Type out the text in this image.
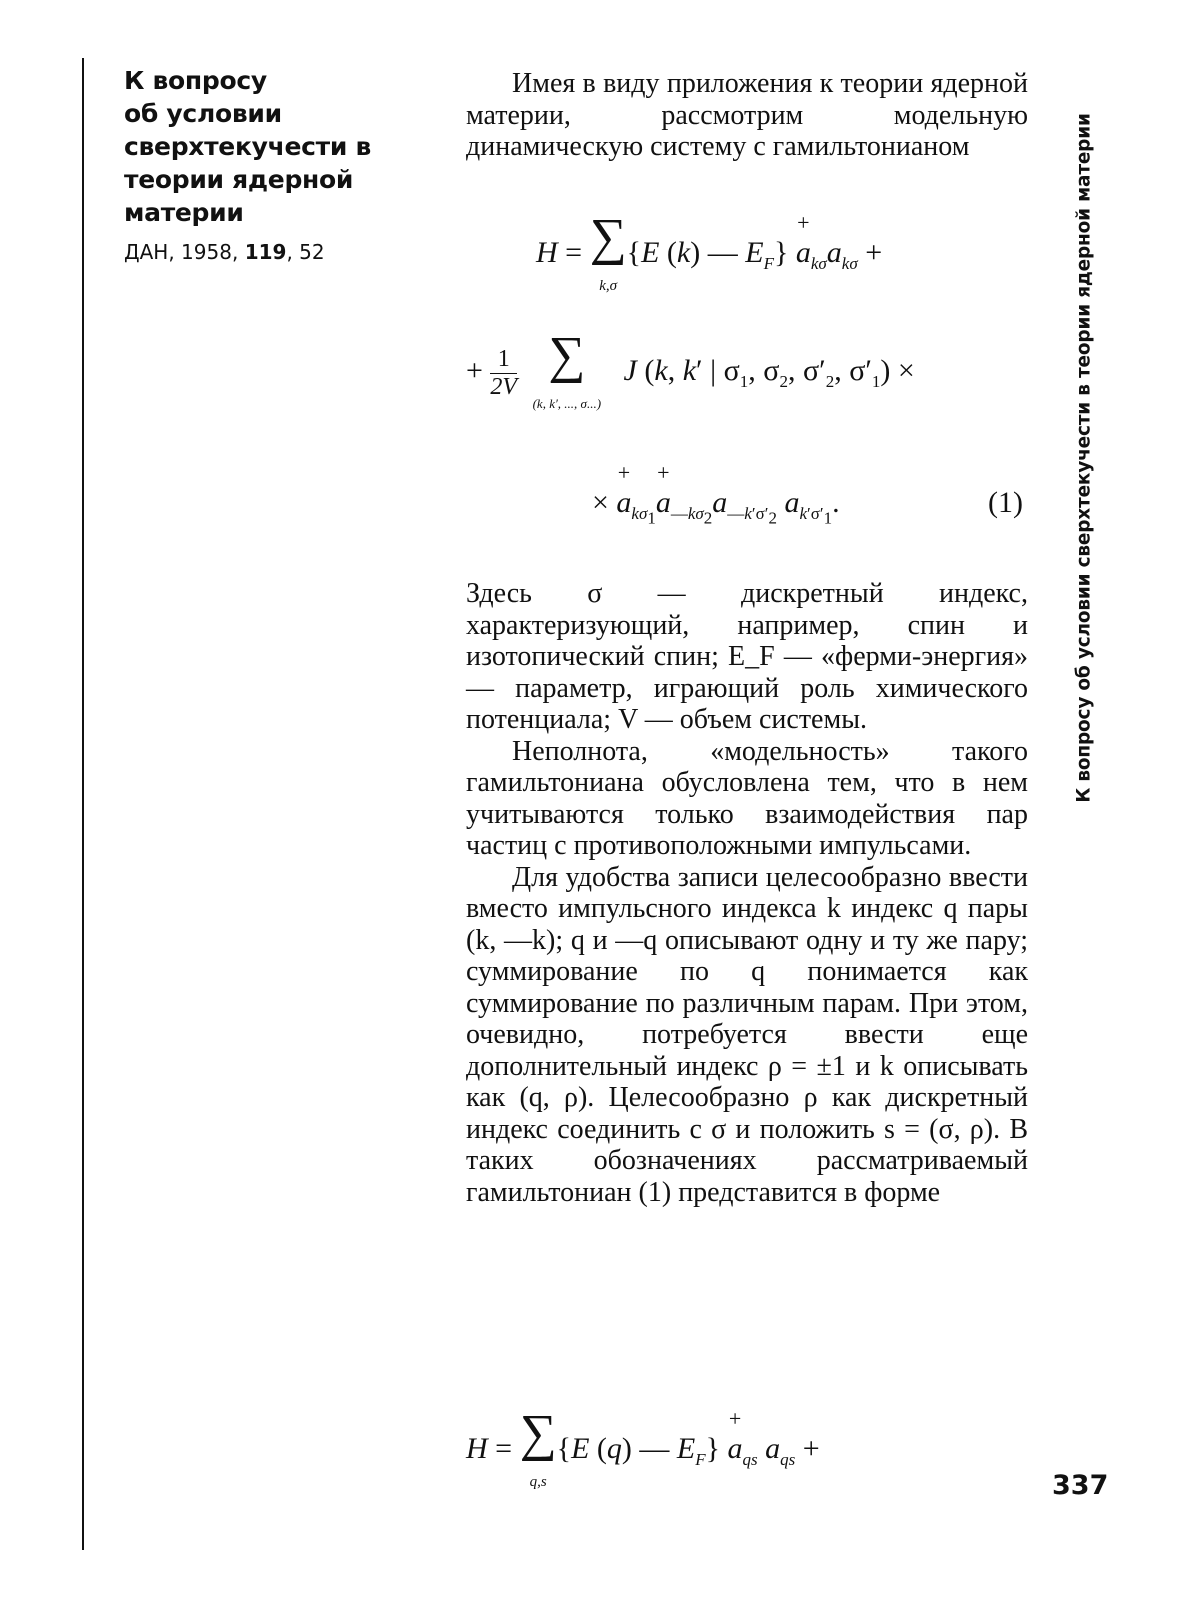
К вопросу
об условии
сверхтекучести в
теории ядерной
материи
ДАН, 1958, 119, 52	К вопросу об условии сверхтекучести в теории ядерной материи
337

Имея в виду приложения к теории ядерной материи, рассмотрим модельную динамическую систему с гамильтонианом

H = ∑
k,σ{E (k) — $E_F\} + a_{k\sigma}a_{k\sigma}$ +
+ $\frac{1}{2V}$ ∑
(k, k′, ..., σ...)   J (k, k′ | $\sigma_1$, $\sigma_2$, $\sigma'_2$, $\sigma'_1$) ×
× + $a_{k\sigma_1}+ a_{—k\sigma_2}a_{—k'\sigma'_2}$ $a_{k'\sigma'_1}$.	(1)

Здесь σ — дискретный индекс, характеризующий, например, спин и изотопический спин; E_F — «ферми-энергия» — параметр, играющий роль химического потенциала; V — объем системы.

Неполнота, «модельность» такого гамильтониана обусловлена тем, что в нем учитываются только взаимодействия пар частиц с противоположными импульсами.

Для удобства записи целесообразно ввести вместо импульсного индекса k индекс q пары (k, —k); q и —q описывают одну и ту же пару; суммирование по q понимается как суммирование по различным парам. При этом, очевидно, потребуется ввести еще дополнительный индекс ρ = ±1 и k описывать как (q, ρ). Целесообразно ρ как дискретный индекс соединить с σ и положить s = (σ, ρ). В таких обозначениях рассматриваемый гамильтониан (1) представится в форме

H = ∑
q,s{E (q) — $E_F\} + a_{qs}$ $a_{qs}$ +
